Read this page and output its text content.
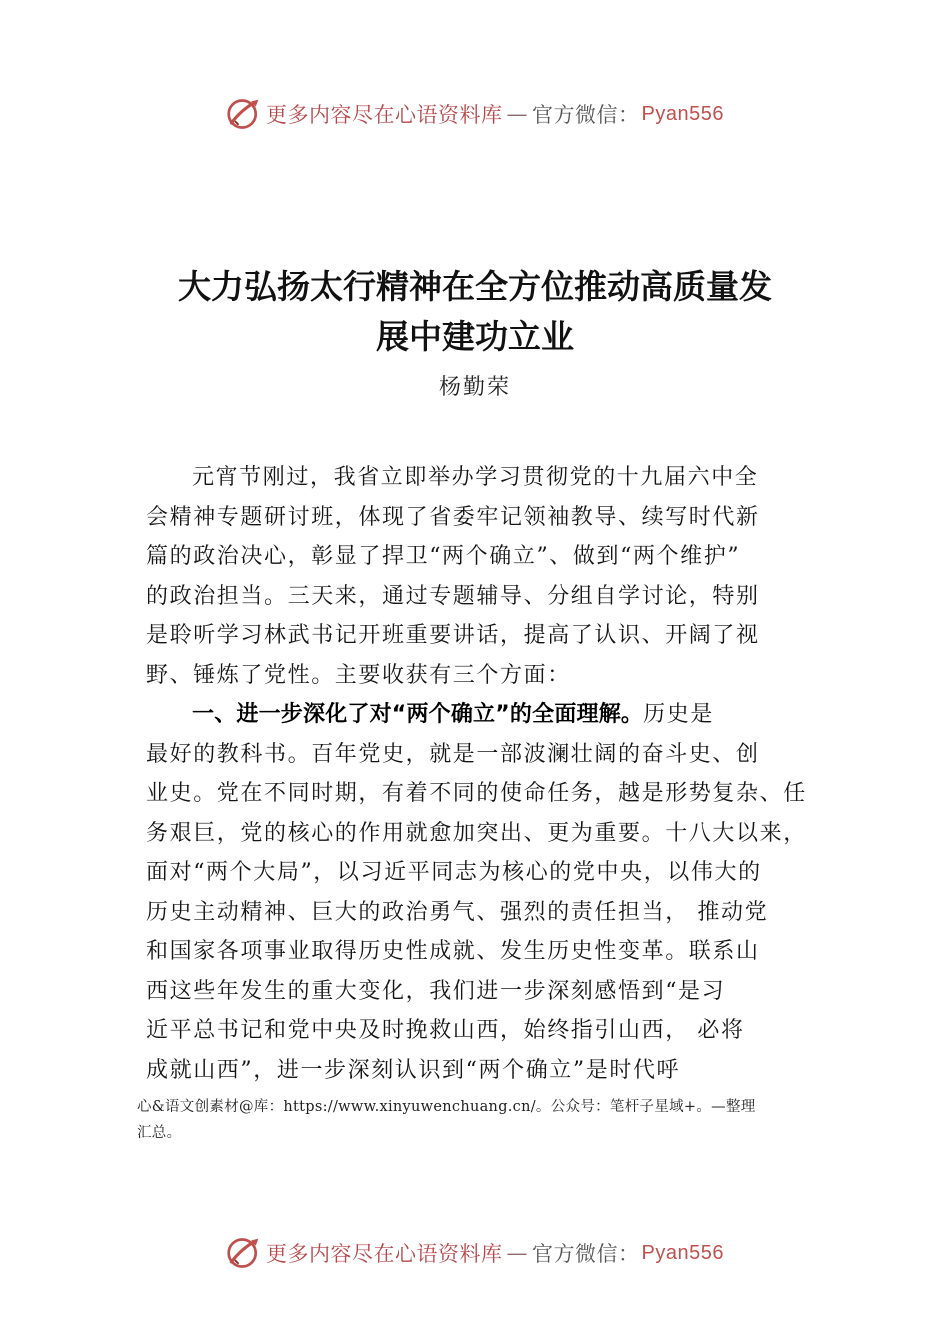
更多内容尽在心语资料库 — 官方微信： Pyan556
大力弘扬太行精神在全方位推动高质量发
展中建功立业
杨勤荣
元宵节刚过，我省立即举办学习贯彻党的十九届六中全
会精神专题研讨班，体现了省委牢记领袖教导、续写时代新
篇的政治决心，彰显了捍卫“两个确立”、做到“两个维护”
的政治担当。三天来，通过专题辅导、分组自学讨论，特别
是聆听学习林武书记开班重要讲话，提高了认识、开阔了视
野、锤炼了党性。主要收获有三个方面：
一、进一步深化了对“两个确立”的全面理解。历史是
最好的教科书。百年党史，就是一部波澜壮阔的奋斗史、创
业史。党在不同时期，有着不同的使命任务，越是形势复杂、任
务艰巨，党的核心的作用就愈加突出、更为重要。十八大以来，
面对“两个大局”，以习近平同志为核心的党中央，以伟大的
历史主动精神、巨大的政治勇气、强烈的责任担当， 推动党
和国家各项事业取得历史性成就、发生历史性变革。联系山
西这些年发生的重大变化，我们进一步深刻感悟到“是习
近平总书记和党中央及时挽救山西，始终指引山西， 必将
成就山西”，进一步深刻认识到“两个确立”是时代呼
心&语文创素材@库：https://www.xinyuwenchuang.cn/。公众号：笔杆子星域+。—整理
汇总。
更多内容尽在心语资料库 — 官方微信： Pyan556
